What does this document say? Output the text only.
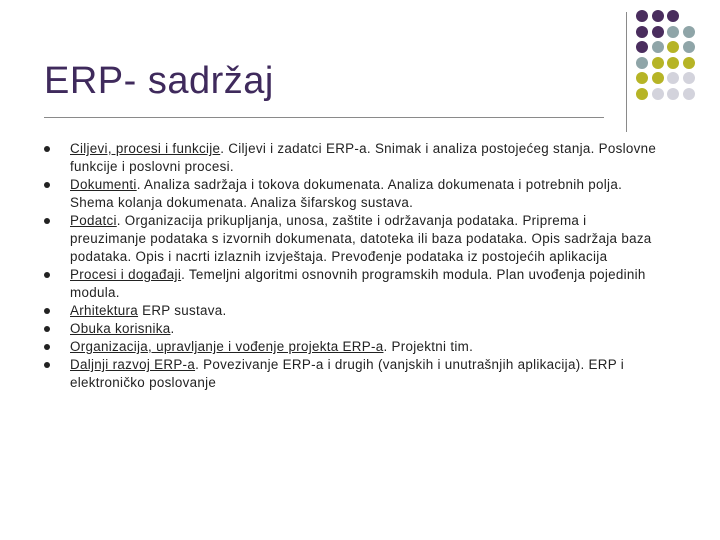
ERP- sadržaj
Ciljevi, procesi i funkcije. Ciljevi i zadatci ERP-a. Snimak i analiza postojećeg stanja. Poslovne funkcije i poslovni procesi.
Dokumenti. Analiza sadržaja i tokova dokumenata. Analiza dokumenata i potrebnih polja. Shema kolanja dokumenata. Analiza šifarskog sustava.
Podatci. Organizacija prikupljanja, unosa, zaštite i održavanja podataka. Priprema i preuzimanje podataka s izvornih dokumenata, datoteka ili baza podataka. Opis sadržaja baza podataka. Opis i nacrti izlaznih izvještaja. Prevođenje podataka iz postojećih aplikacija
Procesi i događaji. Temeljni algoritmi osnovnih programskih modula. Plan uvođenja pojedinih modula.
Arhitektura ERP sustava.
Obuka korisnika.
Organizacija, upravljanje i vođenje projekta ERP-a. Projektni tim.
Daljnji razvoj ERP-a. Povezivanje ERP-a i drugih (vanjskih i unutrašnjih aplikacija). ERP i elektroničko poslovanje
